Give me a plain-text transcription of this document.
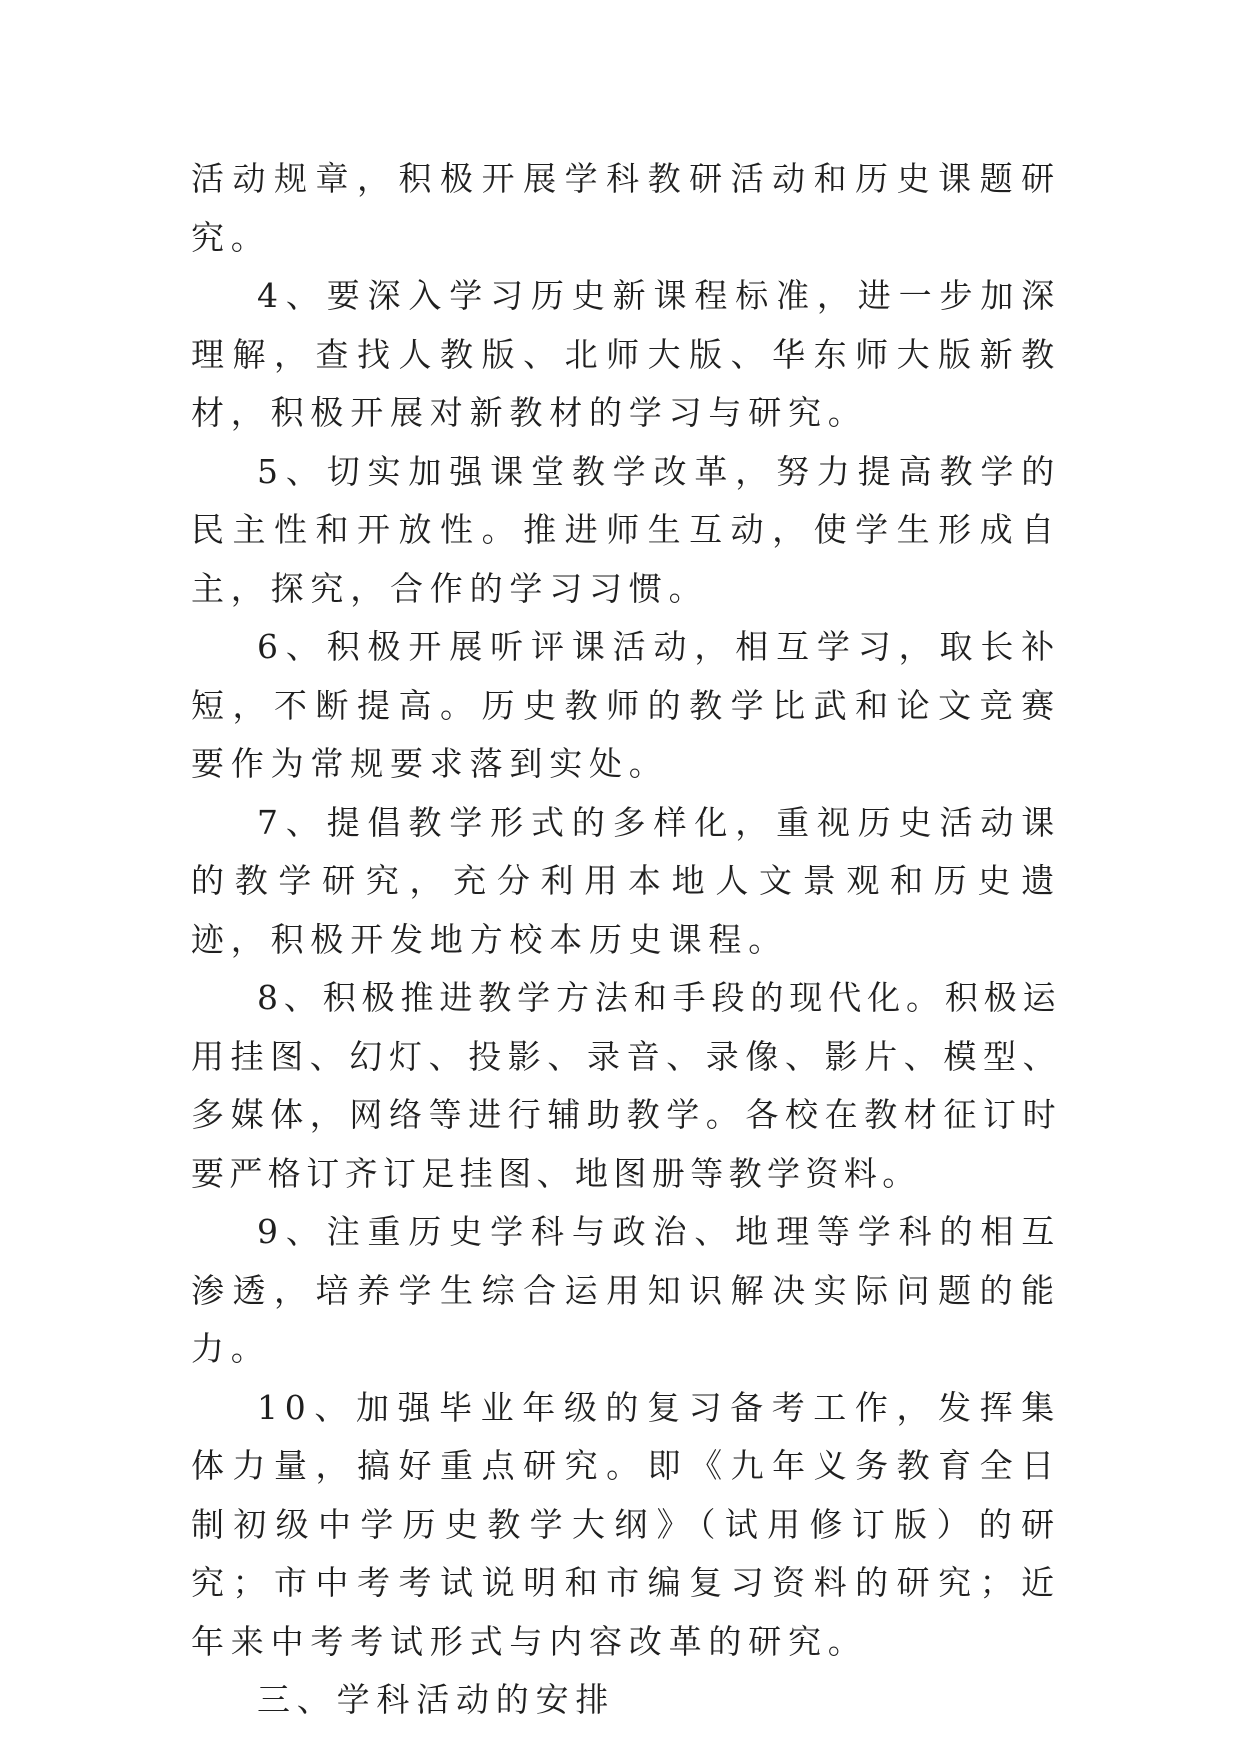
活动规章，积极开展学科教研活动和历史课题研究。

4、要深入学习历史新课程标准，进一步加深理解，查找人教版、北师大版、华东师大版新教材，积极开展对新教材的学习与研究。

5、切实加强课堂教学改革，努力提高教学的民主性和开放性。推进师生互动，使学生形成自主，探究，合作的学习习惯。

6、积极开展听评课活动，相互学习，取长补短，不断提高。历史教师的教学比武和论文竞赛要作为常规要求落到实处。

7、提倡教学形式的多样化，重视历史活动课的教学研究，充分利用本地人文景观和历史遗迹，积极开发地方校本历史课程。

8、积极推进教学方法和手段的现代化。积极运用挂图、幻灯、投影、录音、录像、影片、模型、多媒体，网络等进行辅助教学。各校在教材征订时要严格订齐订足挂图、地图册等教学资料。

9、注重历史学科与政治、地理等学科的相互渗透，培养学生综合运用知识解决实际问题的能力。

10、加强毕业年级的复习备考工作，发挥集体力量，搞好重点研究。即《九年义务教育全日制初级中学历史教学大纲》（试用修订版）的研究；市中考考试说明和市编复习资料的研究；近年来中考考试形式与内容改革的研究。

三、学科活动的安排
